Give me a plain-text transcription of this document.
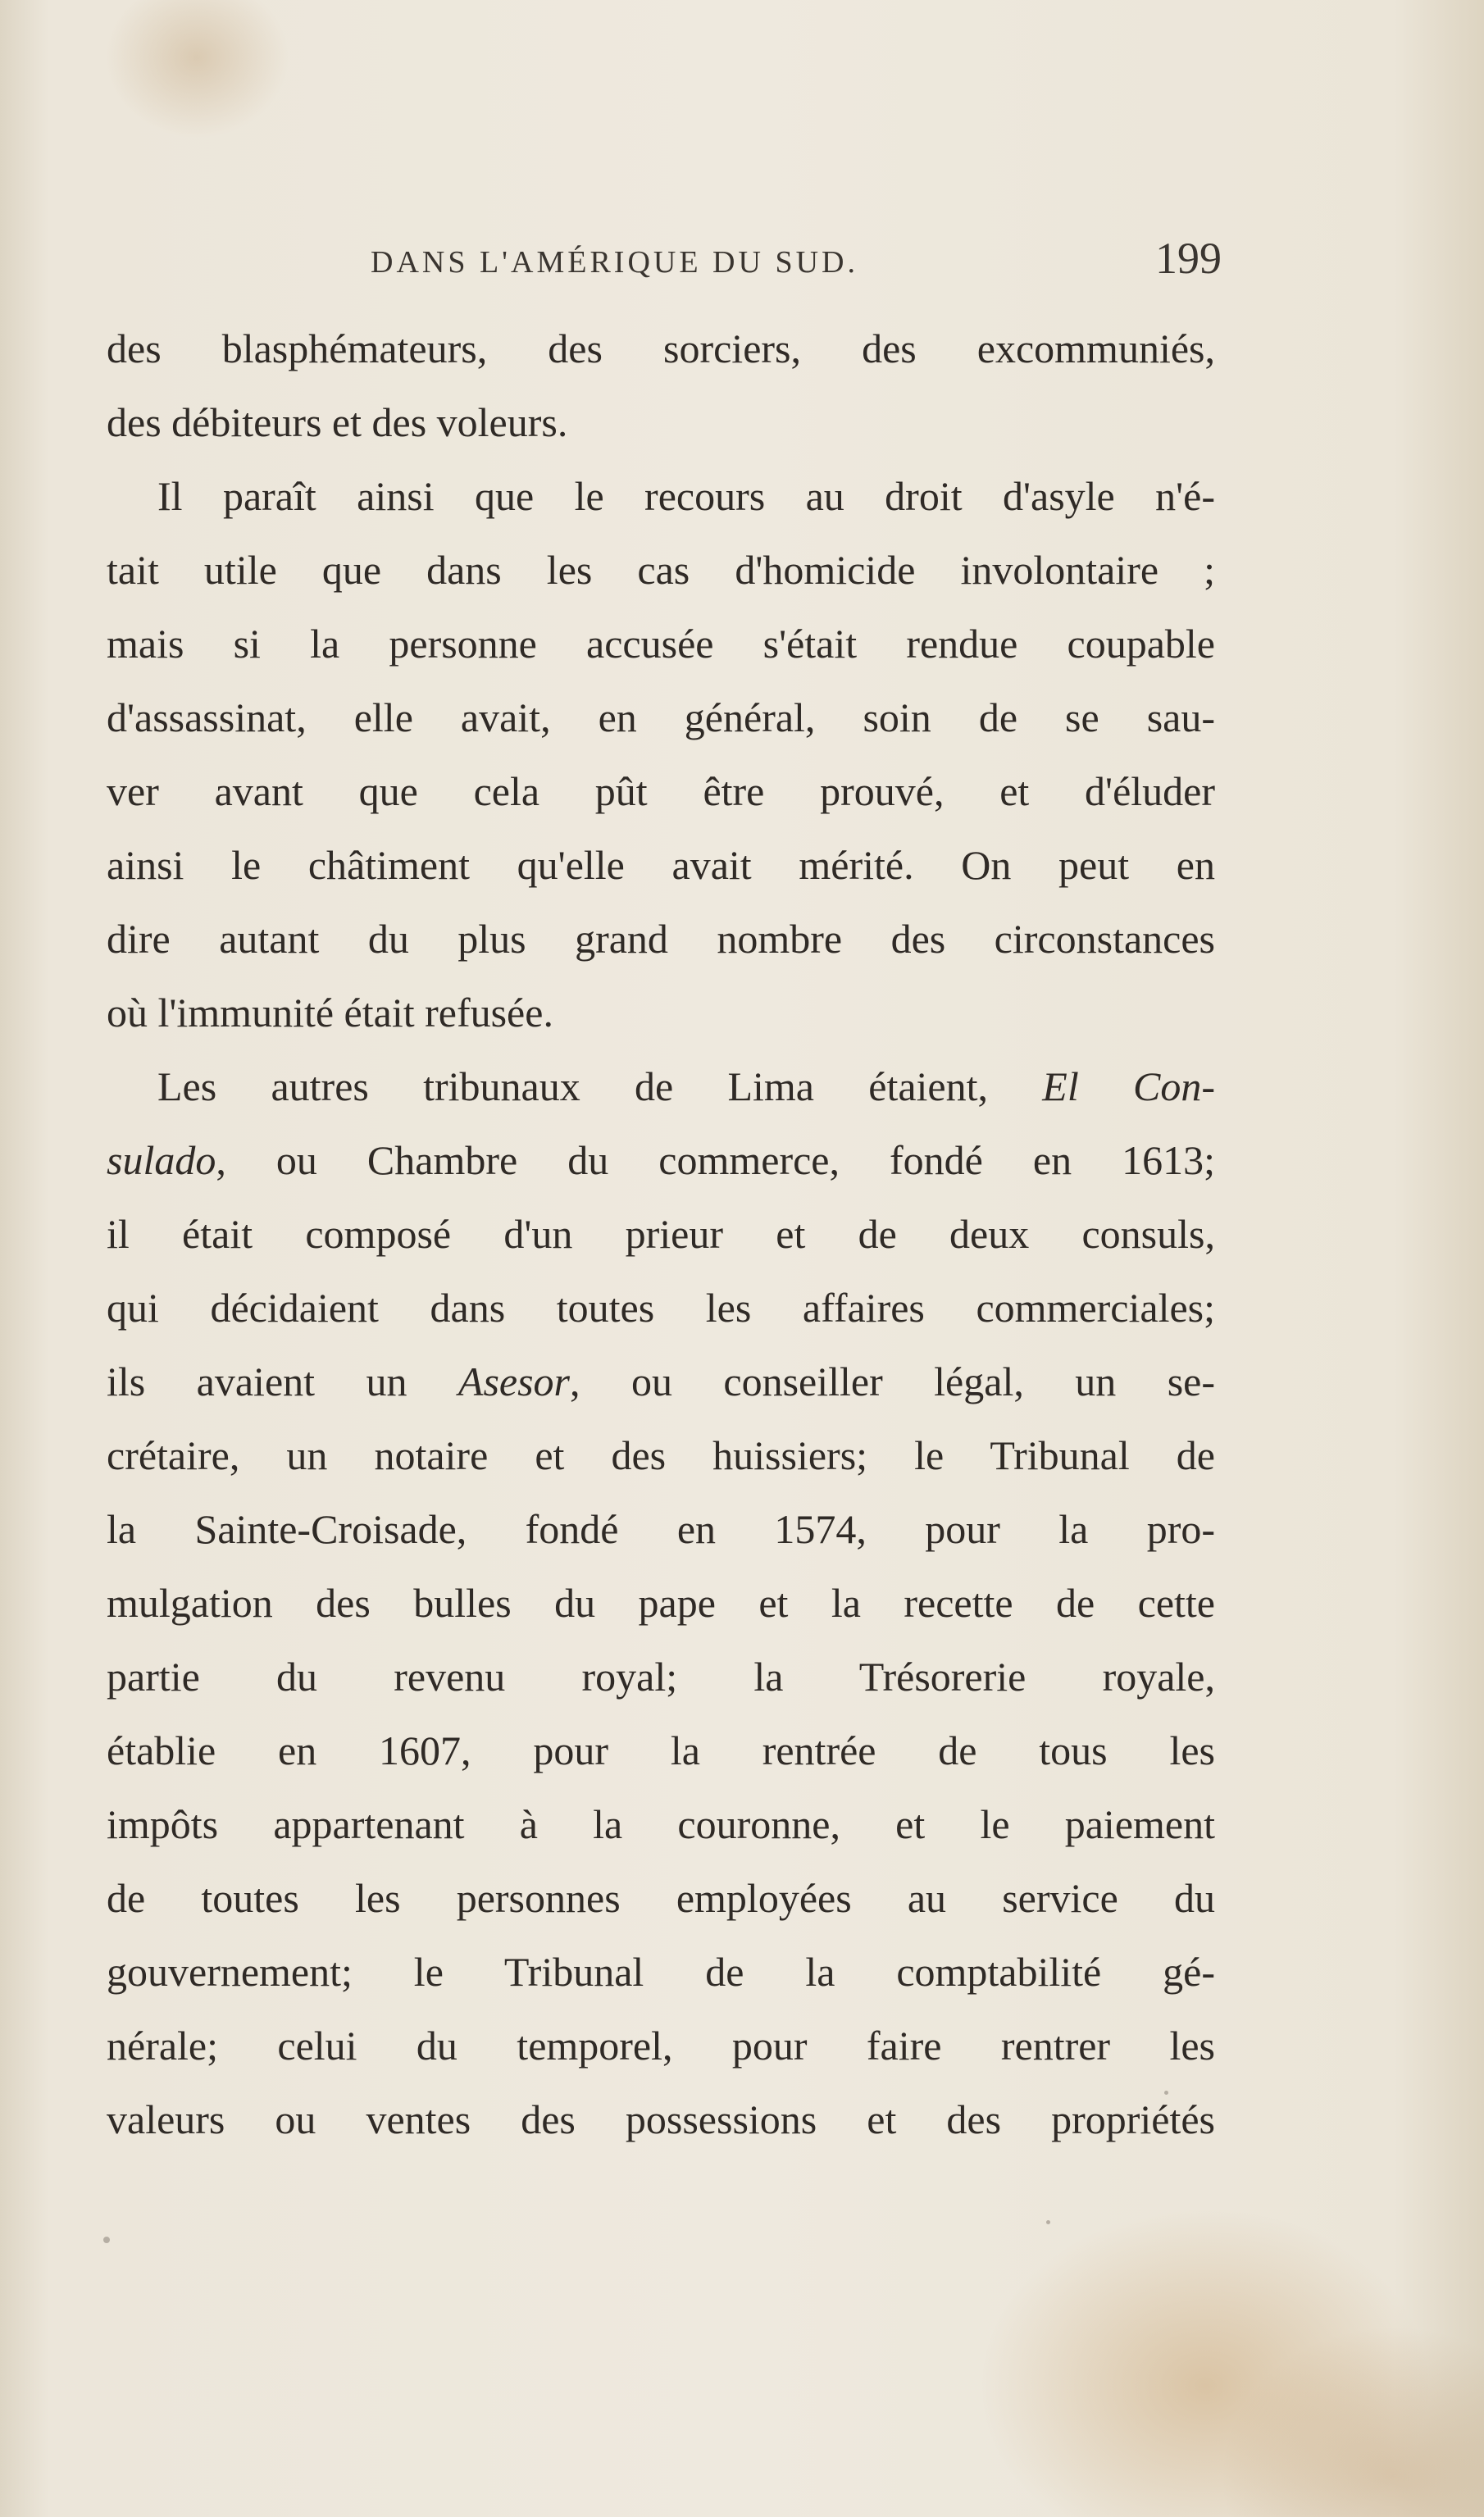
DANS L'AMÉRIQUE DU SUD.	199
des blasphémateurs, des sorciers, des excommuniés,
des débiteurs et des voleurs.
Il paraît ainsi que le recours au droit d'asyle n'é-
tait utile que dans les cas d'homicide involontaire ;
mais si la personne accusée s'était rendue coupable
d'assassinat, elle avait, en général, soin de se sau-
ver avant que cela pût être prouvé, et d'éluder
ainsi le châtiment qu'elle avait mérité. On peut en
dire autant du plus grand nombre des circonstances
où l'immunité était refusée.
Les autres tribunaux de Lima étaient, El Con-
sulado, ou Chambre du commerce, fondé en 1613;
il était composé d'un prieur et de deux consuls,
qui décidaient dans toutes les affaires commerciales;
ils avaient un Asesor, ou conseiller légal, un se-
crétaire, un notaire et des huissiers; le Tribunal de
la Sainte-Croisade, fondé en 1574, pour la pro-
mulgation des bulles du pape et la recette de cette
partie du revenu royal; la Trésorerie royale,
établie en 1607, pour la rentrée de tous les
impôts appartenant à la couronne, et le paiement
de toutes les personnes employées au service du
gouvernement; le Tribunal de la comptabilité gé-
nérale; celui du temporel, pour faire rentrer les
valeurs ou ventes des possessions et des propriétés
